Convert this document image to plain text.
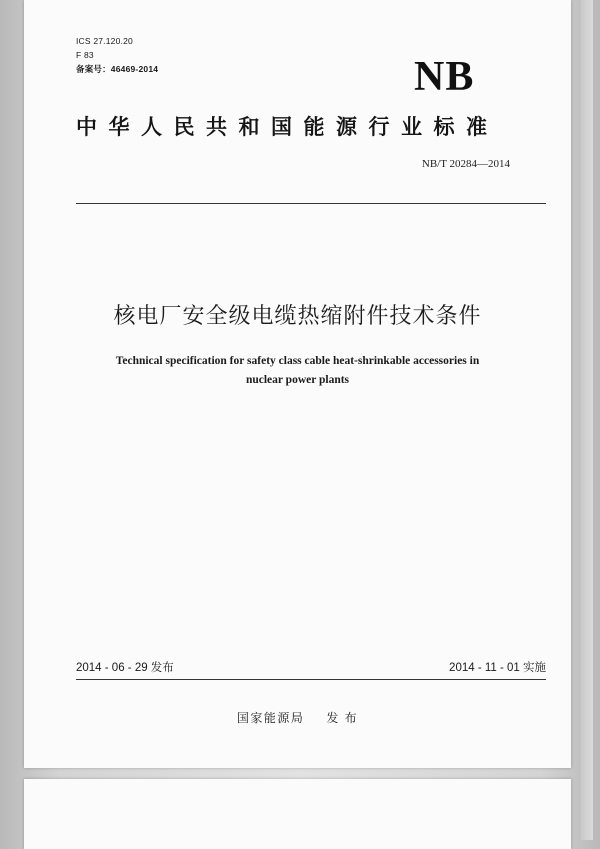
ICS 27.120.20
F 83
备案号：46469-2014	NB
中华人民共和国能源行业标准
NB/T 20284—2014
核电厂安全级电缆热缩附件技术条件
Technical specification for safety class cable heat-shrinkable accessories in
nuclear power plants
2014 - 06 - 29 发布	2014 - 11 - 01 实施
国家能源局 发 布
